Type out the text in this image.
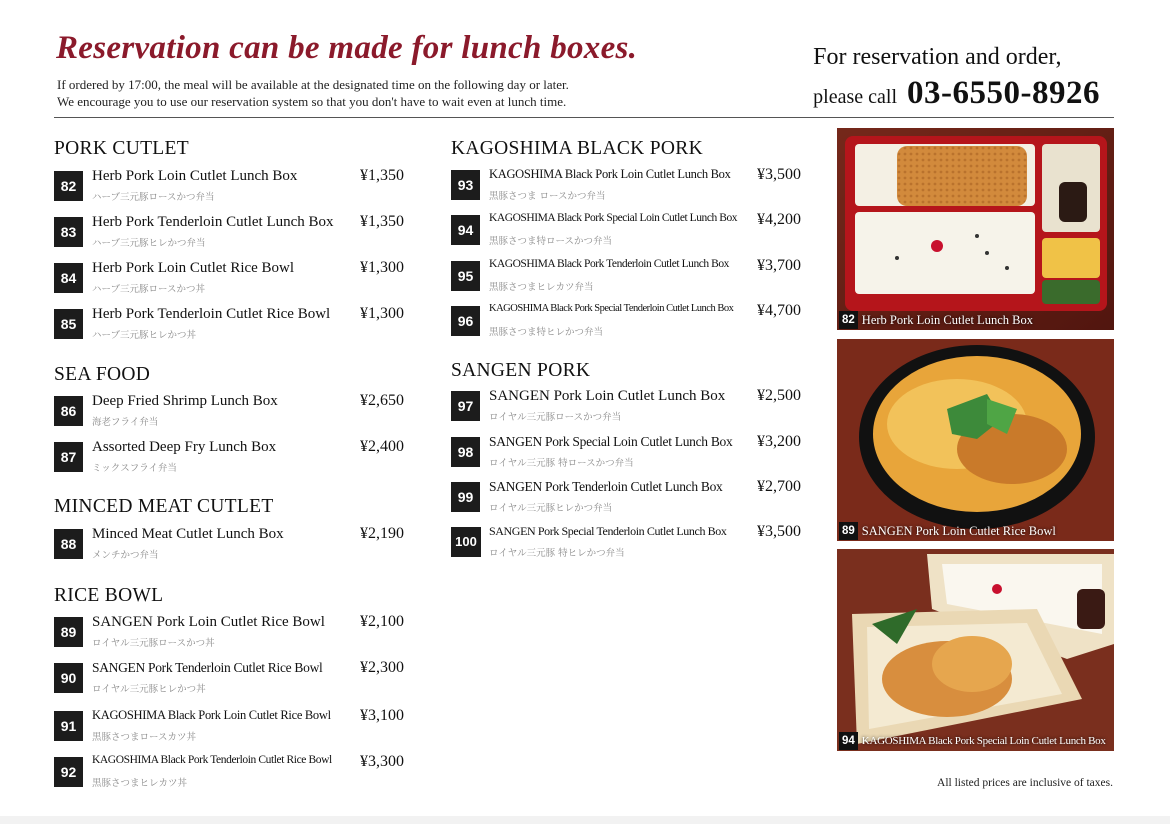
Reservation can be made for lunch boxes.

If ordered by 17:00, the meal will be available at the designated time on the following day or later.

We encourage you to use our reservation system so that you don't have to wait even at lunch time.

For reservation and order,
please call 03-6550-8926
PORK CUTLET
82
Herb Pork Loin Cutlet Lunch Box
ハーブ三元豚ロースかつ弁当
¥1,350
83
Herb Pork Tenderloin Cutlet Lunch Box
ハーブ三元豚ヒレかつ弁当
¥1,350
84
Herb Pork Loin Cutlet Rice Bowl
ハーブ三元豚ロースかつ丼
¥1,300
85
Herb Pork Tenderloin Cutlet Rice Bowl
ハーブ三元豚ヒレかつ丼
¥1,300
SEA FOOD
86
Deep Fried Shrimp Lunch Box
海老フライ弁当
¥2,650
87
Assorted Deep Fry Lunch Box
ミックスフライ弁当
¥2,400
MINCED MEAT CUTLET
88
Minced Meat Cutlet Lunch Box
メンチかつ弁当
¥2,190
RICE BOWL
89
SANGEN Pork Loin Cutlet Rice Bowl
ロイヤル三元豚ロースかつ丼
¥2,100
90
SANGEN Pork Tenderloin Cutlet Rice Bowl
ロイヤル三元豚ヒレかつ丼
¥2,300
91
KAGOSHIMA Black Pork Loin Cutlet Rice Bowl
黒豚さつまロースカツ丼
¥3,100
92
KAGOSHIMA Black Pork Tenderloin Cutlet Rice Bowl
黒豚さつまヒレカツ丼
¥3,300
KAGOSHIMA BLACK PORK
93
KAGOSHIMA Black Pork Loin Cutlet Lunch Box
黒豚さつま ロースかつ弁当
¥3,500
94
KAGOSHIMA Black Pork Special Loin Cutlet Lunch Box
黒豚さつま特ロースかつ弁当
¥4,200
95
KAGOSHIMA Black Pork Tenderloin Cutlet Lunch Box
黒豚さつまヒレカツ弁当
¥3,700
96
KAGOSHIMA Black Pork Special Tenderloin Cutlet Lunch Box
黒豚さつま特ヒレかつ弁当
¥4,700
SANGEN PORK
97
SANGEN Pork Loin Cutlet Lunch Box
ロイヤル三元豚ロースかつ弁当
¥2,500
98
SANGEN Pork Special Loin Cutlet Lunch Box
ロイヤル三元豚 特ロースかつ弁当
¥3,200
99
SANGEN Pork Tenderloin Cutlet Lunch Box
ロイヤル三元豚ヒレかつ弁当
¥2,700
100
SANGEN Pork Special Tenderloin Cutlet Lunch Box
ロイヤル三元豚 特ヒレかつ弁当
¥3,500
82 Herb Pork Loin Cutlet Lunch Box
89 SANGEN Pork Loin Cutlet Rice Bowl
94 KAGOSHIMA Black Pork Special Loin Cutlet Lunch Box
All listed prices are inclusive of taxes.
